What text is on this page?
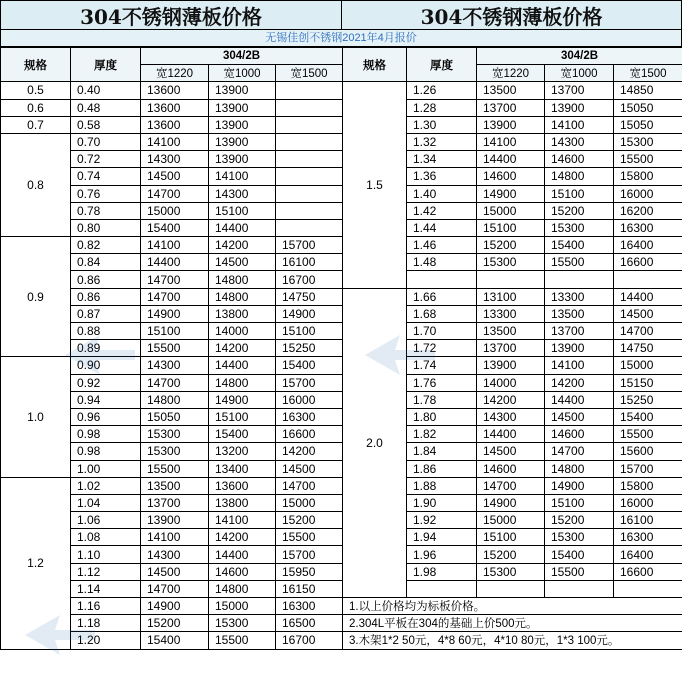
304不锈钢薄板价格	304不锈钢薄板价格
无锡佳创不锈钢2021年4月报价
规格	厚度	304/2B		
		宽1220	宽1000	宽1500
0.5	0.40	13600	13900	
0.6	0.48	13600	13900	
0.7	0.58	13600	13900	
0.8	0.70	14100	13900	
	0.72	14300	13900	
	0.74	14500	14100	
	0.76	14700	14300	
	0.78	15000	15100	
	0.80	15400	14400	
0.9	0.82	14100	14200	15700
	0.84	14400	14500	16100
	0.86	14700	14800	16700
	0.86	14700	14800	14750
	0.87	14900	13800	14900
	0.88	15100	14000	15100
	0.89	15500	14200	15250
1.0	0.90	14300	14400	15400
	0.92	14700	14800	15700
	0.94	14800	14900	16000
	0.96	15050	15100	16300
	0.98	15300	15400	16600
	0.98	15300	13200	14200
	1.00	15500	13400	14500
1.2	1.02	13500	13600	14700
	1.04	13700	13800	15000
	1.06	13900	14100	15200
	1.08	14100	14200	15500
	1.10	14300	14400	15700
	1.12	14500	14600	15950
	1.14	14700	14800	16150
	1.16	14900	15000	16300
	1.18	15200	15300	16500
	1.20	15400	15500	16700
规格	厚度	304/2B		
		宽1220	宽1000	宽1500
1.5	1.26	13500	13700	14850
	1.28	13700	13900	15050
	1.30	13900	14100	15050
	1.32	14100	14300	15300
	1.34	14400	14600	15500
	1.36	14600	14800	15800
	1.40	14900	15100	16000
	1.42	15000	15200	16200
	1.44	15100	15300	16300
	1.46	15200	15400	16400
	1.48	15300	15500	16600

2.0	1.66	13100	13300	14400
	1.68	13300	13500	14500
	1.70	13500	13700	14700
	1.72	13700	13900	14750
	1.74	13900	14100	15000
	1.76	14000	14200	15150
	1.78	14200	14400	15250
	1.80	14300	14500	15400
	1.82	14400	14600	15500
	1.84	14500	14700	15600
	1.86	14600	14800	15700
	1.88	14700	14900	15800
	1.90	14900	15100	16000
	1.92	15000	15200	16100
	1.94	15100	15300	16300
	1.96	15200	15400	16400
	1.98	15300	15500	16600

1.以上价格均为标板价格。				
2.304L平板在304的基础上价500元。				
3.木架1*2 50元，4*8 60元，4*10 80元，1*3 100元。				
